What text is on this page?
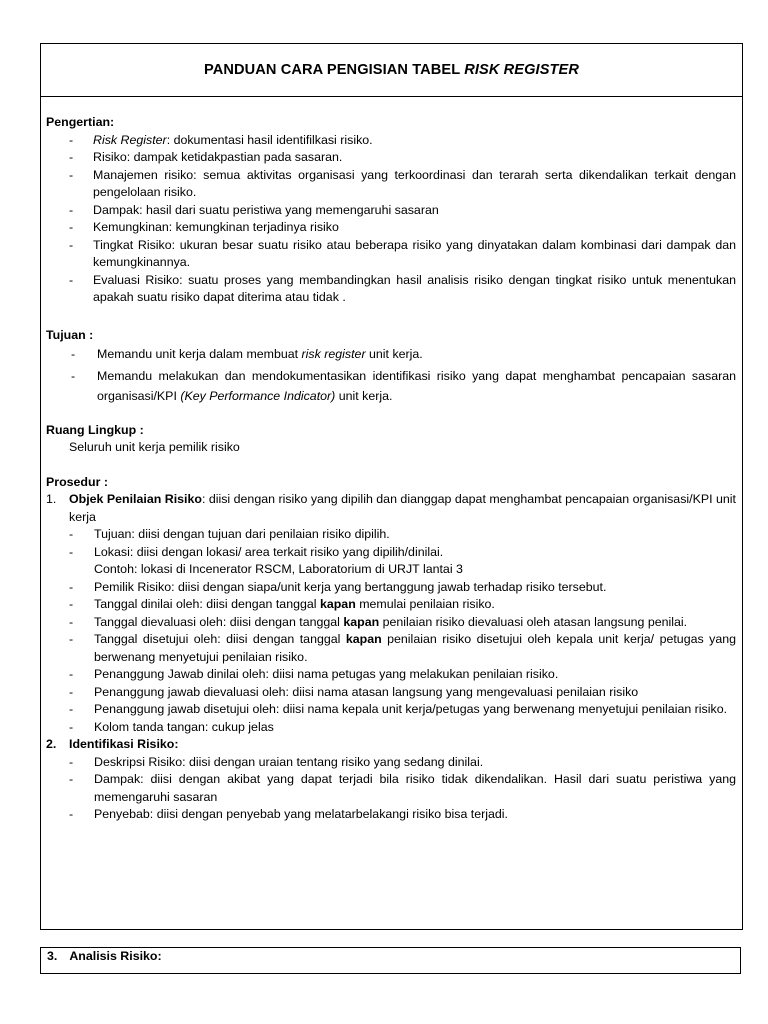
PANDUAN CARA PENGISIAN TABEL RISK REGISTER
Pengertian:
-	Risk Register: dokumentasi hasil identifilkasi risiko.
-	Risiko: dampak ketidakpastian pada sasaran.
-	Manajemen risiko: semua aktivitas organisasi yang terkoordinasi dan terarah serta dikendalikan terkait dengan pengelolaan risiko.
-	Dampak: hasil dari suatu peristiwa yang memengaruhi sasaran
-	Kemungkinan: kemungkinan terjadinya risiko
-	Tingkat Risiko: ukuran besar suatu risiko atau beberapa risiko yang dinyatakan dalam kombinasi dari dampak dan kemungkinannya.
-	Evaluasi Risiko: suatu proses yang membandingkan hasil analisis risiko dengan tingkat risiko untuk menentukan apakah suatu risiko dapat diterima atau tidak .
Tujuan :
-	Memandu unit kerja dalam membuat risk register unit kerja.
-	Memandu melakukan dan mendokumentasikan identifikasi risiko yang dapat menghambat pencapaian sasaran organisasi/KPI (Key Performance Indicator) unit kerja.
Ruang Lingkup :
Seluruh unit kerja pemilik risiko
Prosedur :
1.	Objek Penilaian Risiko: diisi dengan risiko yang dipilih dan dianggap dapat menghambat pencapaian organisasi/KPI unit kerja
-	Tujuan: diisi dengan tujuan dari penilaian risiko dipilih.
-	Lokasi: diisi dengan lokasi/ area terkait risiko yang dipilih/dinilai.
Contoh: lokasi di Incenerator RSCM, Laboratorium di URJT lantai 3
-	Pemilik Risiko: diisi dengan siapa/unit kerja yang bertanggung jawab terhadap risiko tersebut.
-	Tanggal dinilai oleh: diisi dengan tanggal kapan memulai penilaian risiko.
-	Tanggal dievaluasi oleh: diisi dengan tanggal kapan penilaian risiko dievaluasi oleh atasan langsung penilai.
-	Tanggal disetujui oleh: diisi dengan tanggal kapan penilaian risiko disetujui oleh kepala unit kerja/ petugas yang berwenang menyetujui penilaian risiko.
-	Penanggung Jawab dinilai oleh: diisi nama petugas yang melakukan penilaian risiko.
-	Penanggung jawab dievaluasi oleh: diisi nama atasan langsung yang mengevaluasi penilaian risiko
-	Penanggung jawab disetujui oleh: diisi nama kepala unit kerja/petugas yang berwenang menyetujui penilaian risiko.
-	Kolom tanda tangan: cukup jelas
2.	Identifikasi Risiko:
-	Deskripsi Risiko: diisi dengan uraian tentang risiko yang sedang dinilai.
-	Dampak: diisi dengan akibat yang dapat terjadi bila risiko tidak dikendalikan. Hasil dari suatu peristiwa yang memengaruhi sasaran
-	Penyebab: diisi dengan penyebab yang melatarbelakangi risiko bisa terjadi.
3. Analisis Risiko:
